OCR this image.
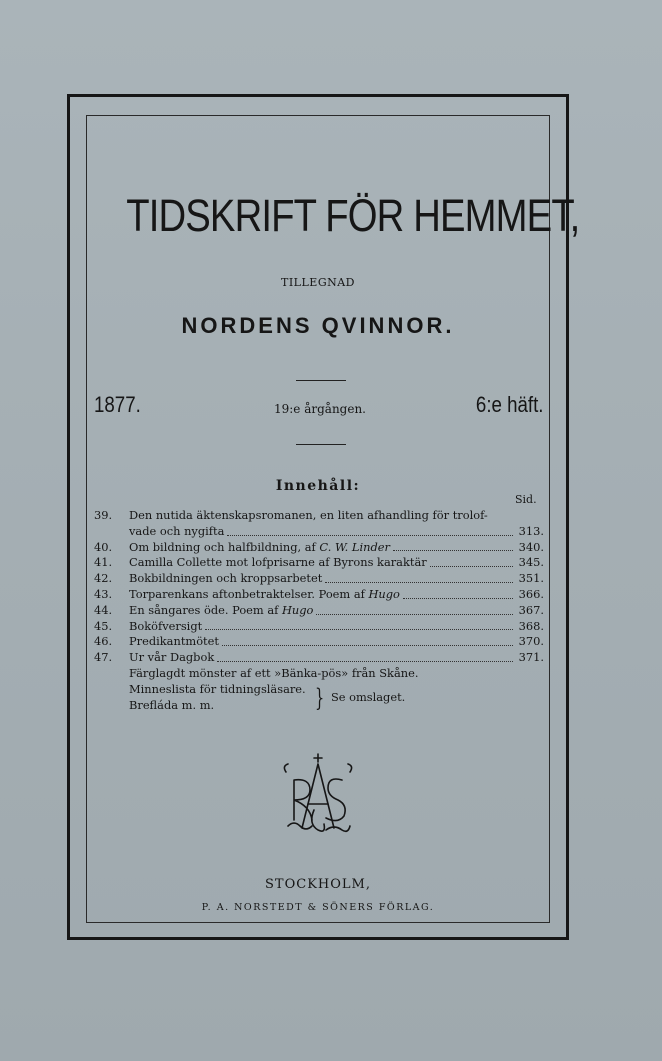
TIDSKRIFT FÖR HEMMET,
TILLEGNAD
NORDENS QVINNOR.
1877.	19:e årgången.	6:e häft.
Innehåll:
Sid.
39.	Den nutida äktenskapsromanen, en liten afhandling för trolof-
vade och nygifta	313.
40.	Om bildning och halfbildning, af C. W. Linder	340.
41.	Camilla Collette mot lofprisarne af Byrons karaktär	345.
42.	Bokbildningen och kroppsarbetet	351.
43.	Torparenkans aftonbetraktelser. Poem af Hugo	366.
44.	En sångares öde. Poem af Hugo	367.
45.	Boköfversigt	368.
46.	Predikantmötet	370.
47.	Ur vår Dagbok	371.
Färglagdt mönster af ett »Bänka-pös» från Skåne.
Minneslista för tidningsläsare.
Brefláda m. m.	} Se omslaget.
STOCKHOLM,
P. A. NORSTEDT & SÖNERS FÖRLAG.
